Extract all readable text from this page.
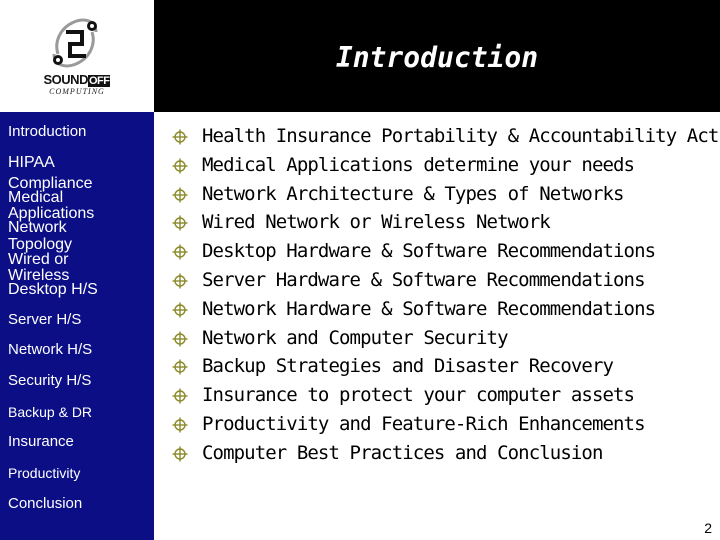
SOUNDOFF
COMPUTING
Introduction
Introduction
HIPAA
Compliance
Medical
Applications
Network
Topology
Wired or
Wireless
Desktop H/S
Server H/S
Network H/S
Security H/S
Backup & DR
Insurance
Productivity
Conclusion
Health Insurance Portability & Accountability Act
Medical Applications determine your needs
Network Architecture & Types of Networks
Wired Network or Wireless Network
Desktop Hardware & Software Recommendations
Server Hardware & Software Recommendations
Network Hardware & Software Recommendations
Network and Computer Security
Backup Strategies and Disaster Recovery
Insurance to protect your computer assets
Productivity and Feature-Rich Enhancements
Computer Best Practices and Conclusion
2
